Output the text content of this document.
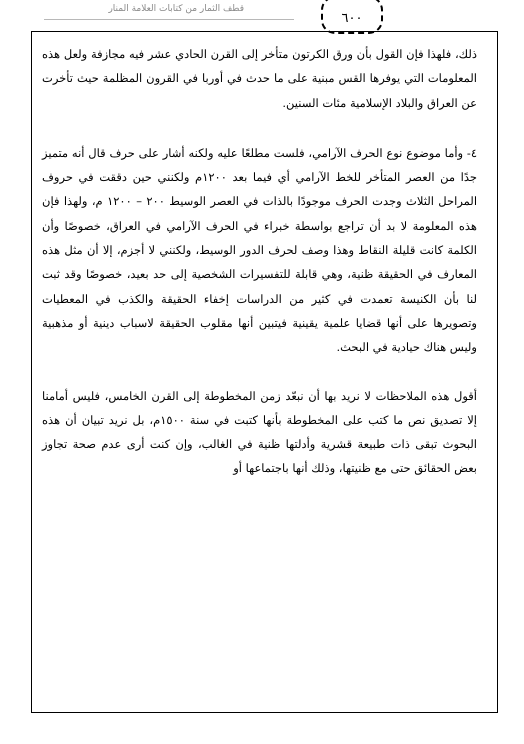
قطف الثمار من كتابات العلامة المنار
٦٠٠

ذلك، فلهذا فإن القول بأن ورق الكرتون متأخر إلى القرن الحادي عشر فيه مجازفة ولعل هذه المعلومات التي يوفرها القس مبنية على ما حدث في أوربا في القرون المظلمة حيث تأخرت عن العراق والبلاد الإسلامية مئات السنين.

٤- وأما موضوع نوع الحرف الآرامي، فلست مطلعًا عليه ولكنه أشار على حرف قال أنه متميز جدًا من العصر المتأخر للخط الآرامي أي فيما بعد ١٢٠٠م ولكنني حين دققت في حروف المراحل الثلاث وجدت الحرف موجودًا بالذات في العصر الوسيط ٢٠٠ – ١٢٠٠ م، ولهذا فإن هذه المعلومة لا بد أن تراجع بواسطة خبراء في الحرف الآرامي في العراق، خصوصًا وأن الكلمة كانت قليلة النقاط وهذا وصف لحرف الدور الوسيط، ولكنني لا أجزم، إلا أن مثل هذه المعارف في الحقيقة ظنية، وهي قابلة للتفسيرات الشخصية إلى حد بعيد، خصوصًا وقد ثبت لنا بأن الكنيسة تعمدت في كثير من الدراسات إخفاء الحقيقة والكذب في المعطيات وتصويرها على أنها قضايا علمية يقينية فيتبين أنها مقلوب الحقيقة لاسباب دينية أو مذهبية وليس هناك حيادية في البحث.

أقول هذه الملاحظات لا نريد بها أن نبعّد زمن المخطوطة إلى القرن الخامس، فليس أمامنا إلا تصديق نص ما كتب على المخطوطة بأنها كتبت في سنة ١٥٠٠م، بل نريد تبيان أن هذه البحوث تبقى ذات طبيعة قشرية وأدلتها ظنية في الغالب، وإن كنت أرى عدم صحة تجاوز بعض الحقائق حتى مع ظنيتها، وذلك أنها باجتماعها أو
